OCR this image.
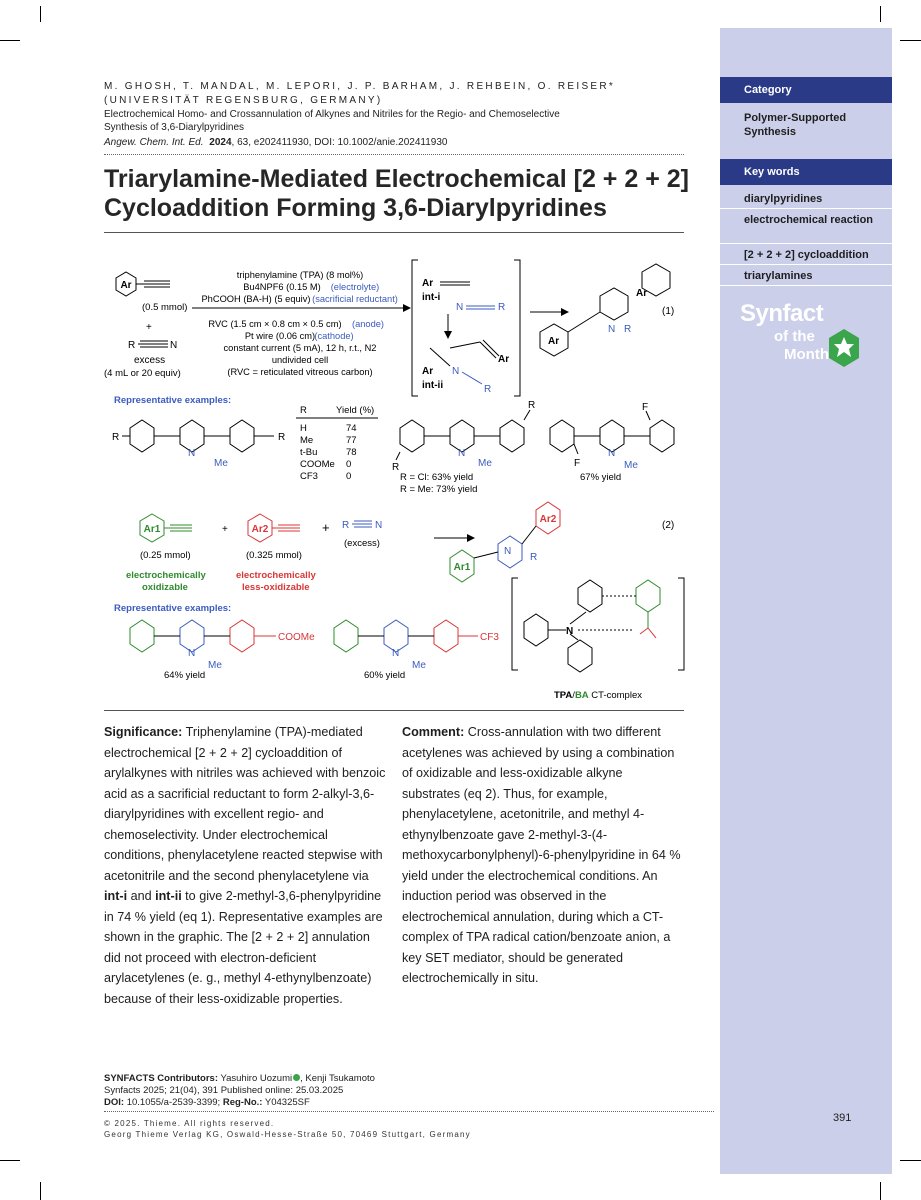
Category
Polymer-Supported Synthesis
Key words
diarylpyridines
electrochemical reaction
[2 + 2 + 2] cycloaddition
triarylamines
Synfact
of the
Month
M. GHOSH, T. MANDAL, M. LEPORI, J. P. BARHAM, J. REHBEIN, O. REISER* (UNIVERSITÄT REGENSBURG, GERMANY)
Electrochemical Homo- and Crossannulation of Alkynes and Nitriles for the Regio- and Chemoselective Synthesis of 3,6-Diarylpyridines
Angew. Chem. Int. Ed. 2024, 63, e202411930, DOI: 10.1002/anie.202411930
Triarylamine-Mediated Electrochemical [2 + 2 + 2] Cycloaddition Forming 3,6-Diarylpyridines
Ar
(0.5 mmol)
+
R	N
excess
(4 mL or 20 equiv)
triphenylamine (TPA) (8 mol%)
Bu4NPF6 (0.15 M) (electrolyte)
PhCOOH (BA-H) (5 equiv) (sacrificial reductant)
RVC (1.5 cm × 0.8 cm × 0.5 cm) (anode)
Pt wire (0.06 cm) (cathode)
constant current (5 mA), 12 h, r.t., N2
undivided cell
(RVC = reticulated vitreous carbon)
Ar
int-i
N	R
Ar
N
R
Ar
int-ii
Ar
Ar
N R
(1)
Representative examples:
R	R
N
Me
R	Yield (%)
H	74
Me	77
t-Bu	78
COOMe 0
CF3	0
R
R
N
Me
R = Cl: 63% yield
R = Me: 73% yield
F
F
N
Me
67% yield
Ar1
(0.25 mmol)
electrochemically
oxidizable
+ Ar2
(0.325 mmol)
electrochemically
less-oxidizable
+ R	N
(excess)
Ar2
Ar1
N
R
(2)
Representative examples:
COOMe
N
Me
64% yield
CF3
N
Me
60% yield
N
TPA/BA CT-complex
Significance: Triphenylamine (TPA)-mediated electrochemical [2 + 2 + 2] cycloaddition of arylalkynes with nitriles was achieved with benzoic acid as a sacrificial reductant to form 2-alkyl-3,6-diarylpyridines with excellent regio- and chemoselectivity. Under electrochemical conditions, phenylacetylene reacted stepwise with acetonitrile and the second phenylacetylene via int-i and int-ii to give 2-methyl-3,6-phenylpyridine in 74 % yield (eq 1). Representative examples are shown in the graphic. The [2 + 2 + 2] annulation did not proceed with electron-deficient arylacetylenes (e. g., methyl 4-ethynylbenzoate) because of their less-oxidizable properties.
Comment: Cross-annulation with two different acetylenes was achieved by using a combination of oxidizable and less-oxidizable alkyne substrates (eq 2). Thus, for example, phenylacetylene, acetonitrile, and methyl 4-ethynylbenzoate gave 2-methyl-3-(4-methoxycarbonylphenyl)-6-phenylpyridine in 64 % yield under the electrochemical conditions. An induction period was observed in the electrochemical annulation, during which a CT-complex of TPA radical cation/benzoate anion, a key SET mediator, should be generated electrochemically in situ.
SYNFACTS Contributors: Yasuhiro Uozumi , Kenji Tsukamoto
Synfacts 2025; 21(04), 391 Published online: 25.03.2025
DOI: 10.1055/a-2539-3399; Reg-No.: Y04325SF
© 2025. Thieme. All rights reserved.
Georg Thieme Verlag KG, Oswald-Hesse-Straße 50, 70469 Stuttgart, Germany
391
